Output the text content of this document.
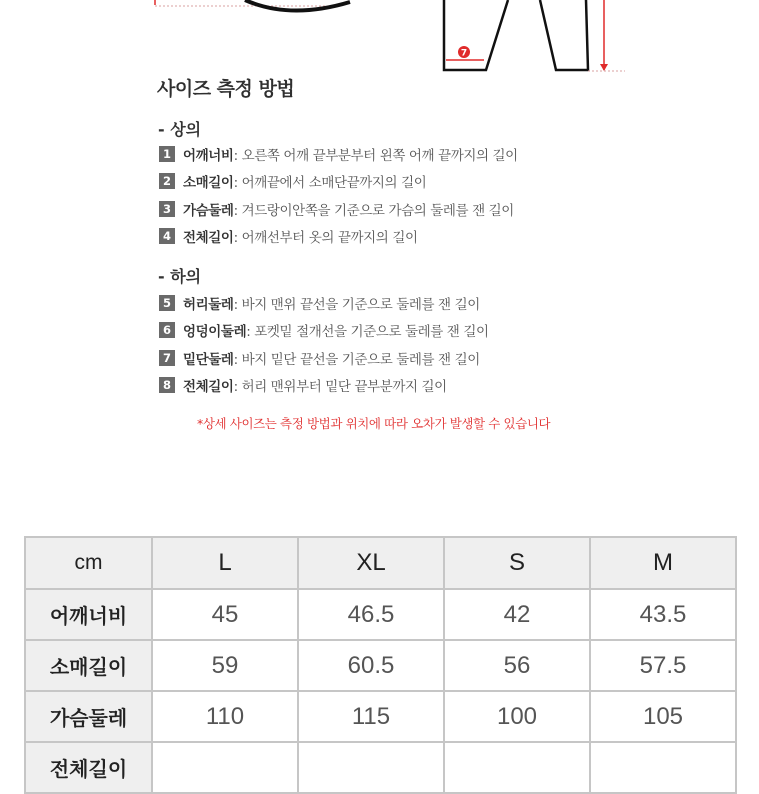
7
사이즈 측정 방법
- 상의
1 어깨너비 : 오른쪽 어깨 끝부분부터 왼쪽 어깨 끝까지의 길이
2 소매길이 : 어깨끝에서 소매단끝까지의 길이
3 가슴둘레 : 겨드랑이안쪽을 기준으로 가슴의 둘레를 잰 길이
4 전체길이 : 어깨선부터 옷의 끝까지의 길이
- 하의
5 허리둘레 : 바지 맨위 끝선을 기준으로 둘레를 잰 길이
6 엉덩이둘레 : 포켓밑 절개선을 기준으로 둘레를 잰 길이
7 밑단둘레 : 바지 밑단 끝선을 기준으로 둘레를 잰 길이
8 전체길이 : 허리 맨위부터 밑단 끝부분까지 길이
*상세 사이즈는 측정 방법과 위치에 따라 오차가 발생할 수 있습니다
cm	L	XL	S	M
어깨너비	45	46.5	42	43.5
소매길이	59	60.5	56	57.5
가슴둘레	110	115	100	105
전체길이				
